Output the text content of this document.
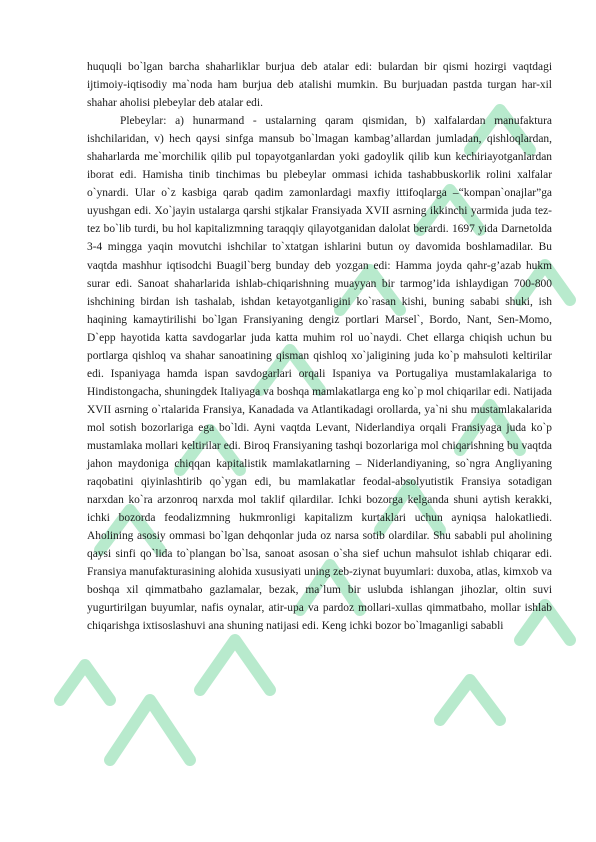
huquqli bo`lgan barcha shaharliklar burjua deb atalar edi: bulardan bir qismi hozirgi vaqtdagi ijtimoiy-iqtisodiy ma`noda ham burjua deb atalishi mumkin. Bu burjuadan pastda turgan har-xil shahar aholisi plebeylar deb atalar edi.

Plebeylar: a) hunarmand - ustalarning qaram qismidan, b) xalfalardan manufaktura ishchilaridan, v) hech qaysi sinfga mansub bo`lmagan kambag’allardan jumladan, qishloqlardan, shaharlarda me`morchilik qilib pul topayotganlardan yoki gadoylik qilib kun kechiriayotganlardan iborat edi. Hamisha tinib tinchimas bu plebeylar ommasi ichida tashabbuskorlik rolini xalfalar o`ynardi. Ular o`z kasbiga qarab qadim zamonlardagi maxfiy ittifoqlarga –“kompan`onajlar”ga uyushgan edi. Xo`jayin ustalarga qarshi stjkalar Fransiyada XVII asrning ikkinchi yarmida juda tez-tez bo`lib turdi, bu hol kapitalizmning taraqqiy qilayotganidan dalolat berardi. 1697 yida Darnetolda 3-4 mingga yaqin movutchi ishchilar to`xtatgan ishlarini butun oy davomida boshlamadilar. Bu vaqtda mashhur iqtisodchi Buagil`berg bunday deb yozgan edi: Hamma joyda qahr-g’azab hukm surar edi. Sanoat shaharlarida ishlab-chiqarishning muayyan bir tarmog’ida ishlaydigan 700-800 ishchining birdan ish tashalab, ishdan ketayotganligini ko`rasan kishi, buning sababi shuki, ish haqining kamaytirilishi bo`lgan Fransiyaning dengiz portlari Marsel`, Bordo, Nant, Sen-Momo, D`epp hayotida katta savdogarlar juda katta muhim rol uo`naydi. Chet ellarga chiqish uchun bu portlarga qishloq va shahar sanoatining qisman qishloq xo`jaligining juda ko`p mahsuloti keltirilar edi. Ispaniyaga hamda ispan savdogarlari orqali Ispaniya va Portugaliya mustamlakalariga to Hindistongacha, shuningdek Italiyaga va boshqa mamlakatlarga eng ko`p mol chiqarilar edi. Natijada XVII asrning o`rtalarida Fransiya, Kanadada va Atlantikadagi orollarda, ya`ni shu mustamlakalarida mol sotish bozorlariga ega bo`ldi. Ayni vaqtda Levant, Niderlandiya orqali Fransiyaga juda ko`p mustamlaka mollari keltirilar edi. Biroq Fransiyaning tashqi bozorlariga mol chiqarishning bu vaqtda jahon maydoniga chiqqan kapitalistik mamlakatlarning – Niderlandiyaning, so`ngra Angliyaning raqobatini qiyinlashtirib qo`ygan edi, bu mamlakatlar feodal-absolyutistik Fransiya sotadigan narxdan ko`ra arzonroq narxda mol taklif qilardilar. Ichki bozorga kelganda shuni aytish kerakki, ichki bozorda feodalizmning hukmronligi kapitalizm kurtaklari uchun ayniqsa halokatliedi. Aholining asosiy ommasi bo`lgan dehqonlar juda oz narsa sotib olardilar. Shu sababli pul aholining qaysi sinfi qo`lida to`plangan bo`lsa, sanoat asosan o`sha sief uchun mahsulot ishlab chiqarar edi. Fransiya manufakturasining alohida xususiyati uning zeb-ziynat buyumlari: duxoba, atlas, kimxob va boshqa xil qimmatbaho gazlamalar, bezak, ma`lum bir uslubda ishlangan jihozlar, oltin suvi yugurtirilgan buyumlar, nafis oynalar, atir-upa va pardoz mollari-xullas qimmatbaho, mollar ishlab chiqarishga ixtisoslashuvi ana shuning natijasi edi. Keng ichki bozor bo`lmaganligi sababli
